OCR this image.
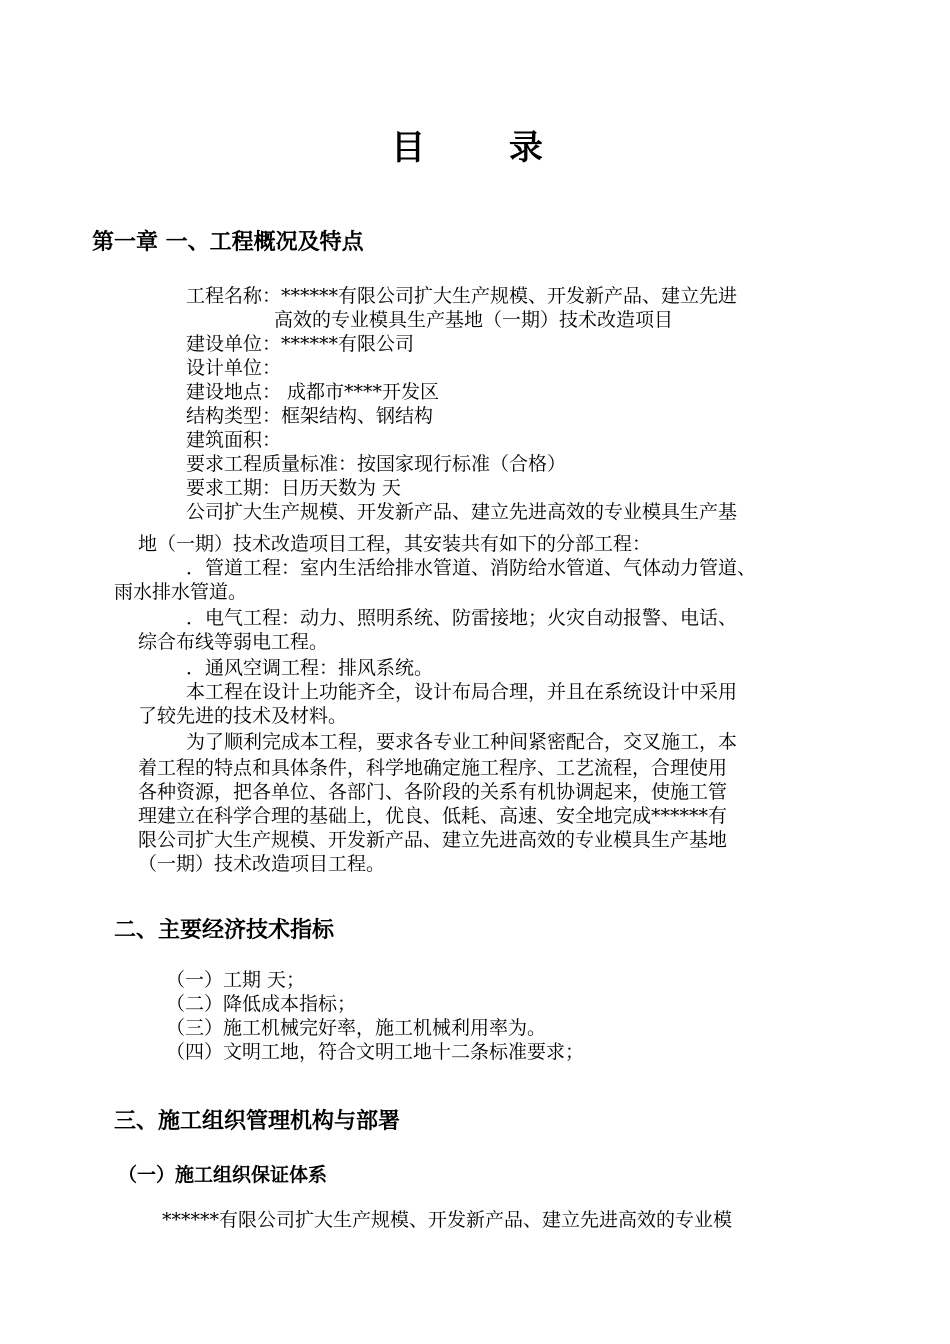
目 录
第一章 一、工程概况及特点
工程名称：******有限公司扩大生产规模、开发新产品、建立先进
高效的专业模具生产基地（一期）技术改造项目
建设单位：******有限公司
设计单位：
建设地点： 成都市****开发区
结构类型：框架结构、钢结构
建筑面积：
要求工程质量标准：按国家现行标准（合格）
要求工期：日历天数为 天
公司扩大生产规模、开发新产品、建立先进高效的专业模具生产基
地（一期）技术改造项目工程，其安装共有如下的分部工程：
．管道工程：室内生活给排水管道、消防给水管道、气体动力管道、
雨水排水管道。
．电气工程：动力、照明系统、防雷接地；火灾自动报警、电话、
综合布线等弱电工程。
．通风空调工程：排风系统。
本工程在设计上功能齐全，设计布局合理，并且在系统设计中采用
了较先进的技术及材料。
为了顺利完成本工程，要求各专业工种间紧密配合，交叉施工，本
着工程的特点和具体条件，科学地确定施工程序、工艺流程，合理使用
各种资源，把各单位、各部门、各阶段的关系有机协调起来，使施工管
理建立在科学合理的基础上，优良、低耗、高速、安全地完成******有
限公司扩大生产规模、开发新产品、建立先进高效的专业模具生产基地
（一期）技术改造项目工程。
二、主要经济技术指标
（一）工期 天；
（二）降低成本指标；
（三）施工机械完好率，施工机械利用率为。
（四）文明工地，符合文明工地十二条标准要求；
三、施工组织管理机构与部署
（一）施工组织保证体系
******有限公司扩大生产规模、开发新产品、建立先进高效的专业模
